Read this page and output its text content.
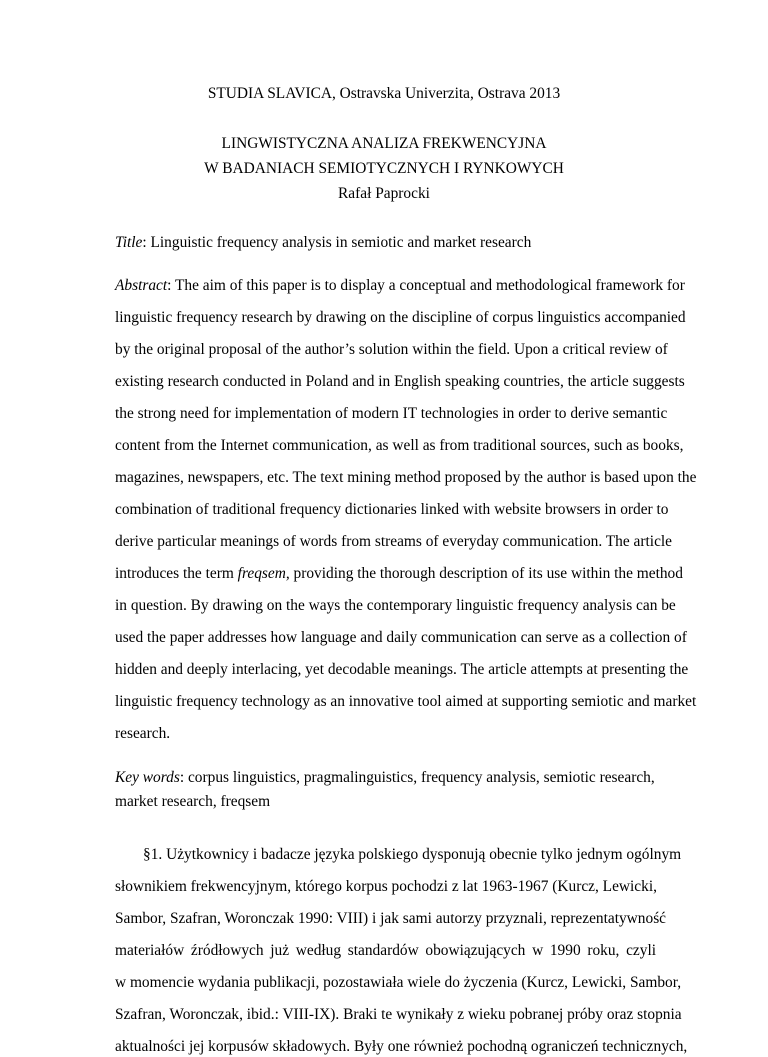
STUDIA SLAVICA, Ostravska Univerzita, Ostrava 2013
LINGWISTYCZNA ANALIZA FREKWENCYJNA
W BADANIACH SEMIOTYCZNYCH I RYNKOWYCH
Rafał Paprocki
Title: Linguistic frequency analysis in semiotic and market research
Abstract: The aim of this paper is to display a conceptual and methodological framework for
linguistic frequency research by drawing on the discipline of corpus linguistics accompanied
by the original proposal of the author’s solution within the field. Upon a critical review of
existing research conducted in Poland and in English speaking countries, the article suggests
the strong need for implementation of modern IT technologies in order to derive semantic
content from the Internet communication, as well as from traditional sources, such as books,
magazines, newspapers, etc. The text mining method proposed by the author is based upon the
combination of traditional frequency dictionaries linked with website browsers in order to
derive particular meanings of words from streams of everyday communication. The article
introduces the term freqsem, providing the thorough description of its use within the method
in question. By drawing on the ways the contemporary linguistic frequency analysis can be
used the paper addresses how language and daily communication can serve as a collection of
hidden and deeply interlacing, yet decodable meanings. The article attempts at presenting the
linguistic frequency technology as an innovative tool aimed at supporting semiotic and market
research.
Key words: corpus linguistics, pragmalinguistics, frequency analysis, semiotic research,
market research, freqsem
§1. Użytkownicy i badacze języka polskiego dysponują obecnie tylko jednym ogólnym
słownikiem frekwencyjnym, którego korpus pochodzi z lat 1963-1967 (Kurcz, Lewicki,
Sambor, Szafran, Woronczak 1990: VIII) i jak sami autorzy przyznali, reprezentatywność
materiałów źródłowych już według standardów obowiązujących w 1990 roku, czyli
w momencie wydania publikacji, pozostawiała wiele do życzenia (Kurcz, Lewicki, Sambor,
Szafran, Woronczak, ibid.: VIII-IX). Braki te wynikały z wieku pobranej próby oraz stopnia
aktualności jej korpusów składowych. Były one również pochodną ograniczeń technicznych,
